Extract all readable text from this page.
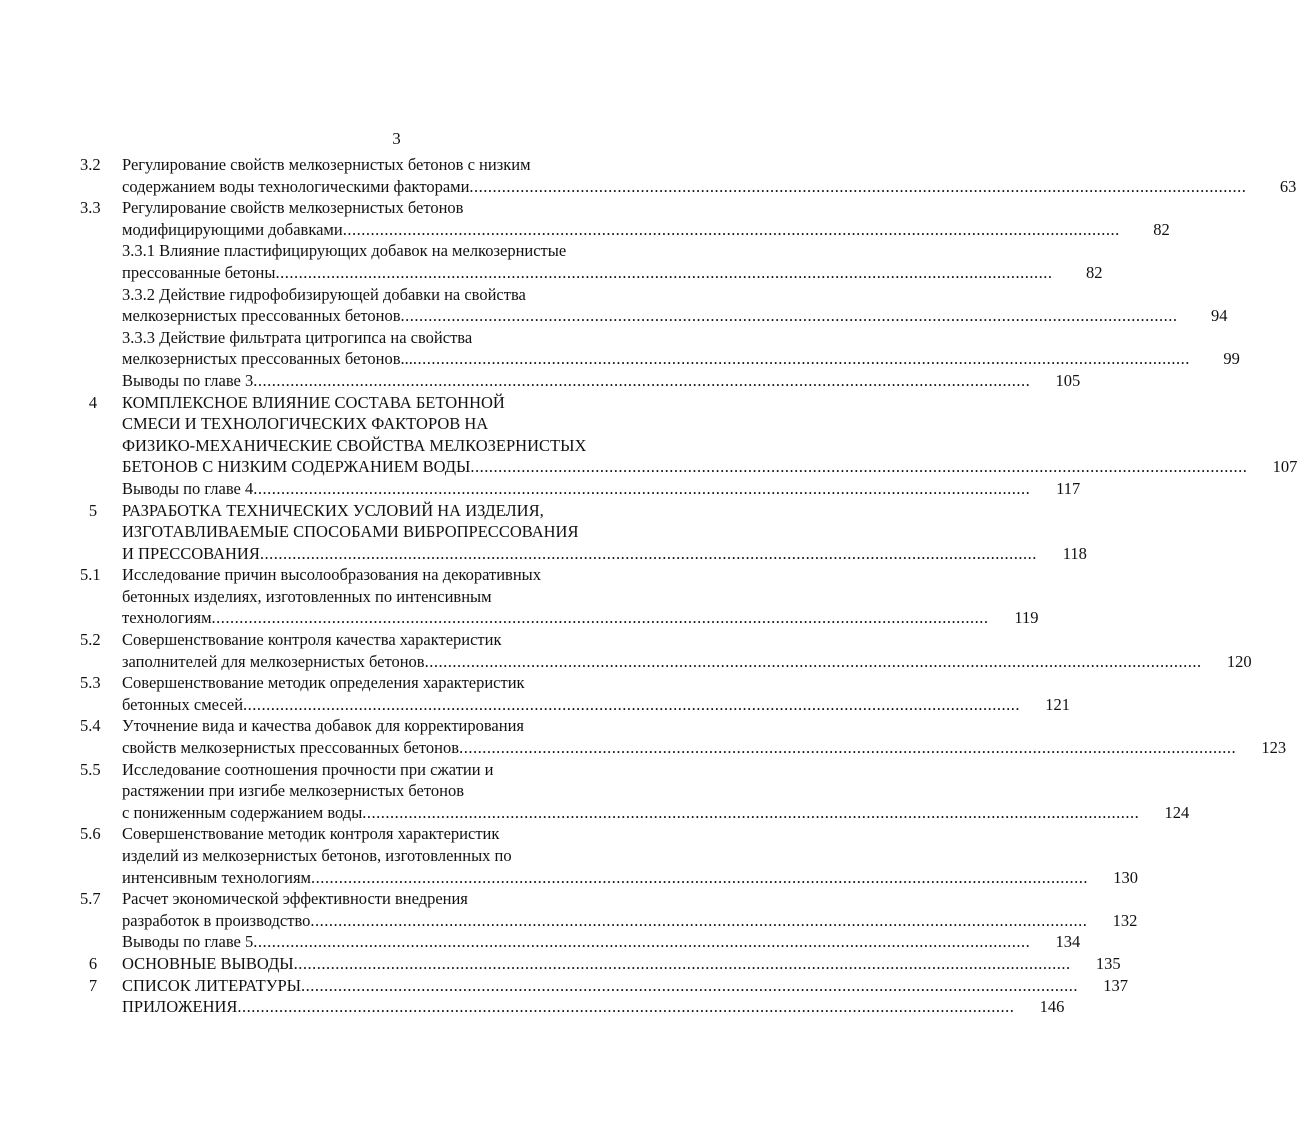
3
3.2	Регулирование свойств мелкозернистых бетонов с низким
содержанием воды технологическими факторами ........................................................................................................................................................................	63
3.3	Регулирование свойств мелкозернистых бетонов
модифицирующими добавками ........................................................................................................................................................................	82
3.3.1 Влияние пластифицирующих добавок на мелкозернистые
прессованные бетоны ........................................................................................................................................................................	82
3.3.2 Действие гидрофобизирующей добавки на свойства
мелкозернистых прессованных бетонов ........................................................................................................................................................................	94
3.3.3 Действие фильтрата цитрогипса на свойства
мелкозернистых прессованных бетонов... ........................................................................................................................................................................	99
Выводы по главе 3 ........................................................................................................................................................................	105
4	КОМПЛЕКСНОЕ ВЛИЯНИЕ СОСТАВА БЕТОННОЙ
СМЕСИ И ТЕХНОЛОГИЧЕСКИХ ФАКТОРОВ НА
ФИЗИКО-МЕХАНИЧЕСКИЕ СВОЙСТВА МЕЛКОЗЕРНИСТЫХ
БЕТОНОВ С НИЗКИМ СОДЕРЖАНИЕМ ВОДЫ ........................................................................................................................................................................	107
Выводы по главе 4 ........................................................................................................................................................................	117
5	РАЗРАБОТКА ТЕХНИЧЕСКИХ УСЛОВИЙ НА ИЗДЕЛИЯ,
ИЗГОТАВЛИВАЕМЫЕ СПОСОБАМИ ВИБРОПРЕССОВАНИЯ
И ПРЕССОВАНИЯ ........................................................................................................................................................................	118
5.1	Исследование причин высолообразования на декоративных
бетонных изделиях, изготовленных по интенсивным
технологиям ........................................................................................................................................................................	119
5.2	Совершенствование контроля качества характеристик
заполнителей для мелкозернистых бетонов ........................................................................................................................................................................	120
5.3	Совершенствование методик определения характеристик
бетонных смесей ........................................................................................................................................................................	121
5.4	Уточнение вида и качества добавок для корректирования
свойств мелкозернистых прессованных бетонов ........................................................................................................................................................................	123
5.5	Исследование соотношения прочности при сжатии и
растяжении при изгибе мелкозернистых бетонов
с пониженным содержанием воды ........................................................................................................................................................................	124
5.6	Совершенствование методик контроля характеристик
изделий из мелкозернистых бетонов, изготовленных по
интенсивным технологиям ........................................................................................................................................................................	130
5.7	Расчет экономической эффективности внедрения
разработок в производство ........................................................................................................................................................................	132
Выводы по главе 5 ........................................................................................................................................................................	134
6	ОСНОВНЫЕ ВЫВОДЫ ........................................................................................................................................................................	135
7	СПИСОК ЛИТЕРАТУРЫ ........................................................................................................................................................................	137
ПРИЛОЖЕНИЯ ........................................................................................................................................................................	146
